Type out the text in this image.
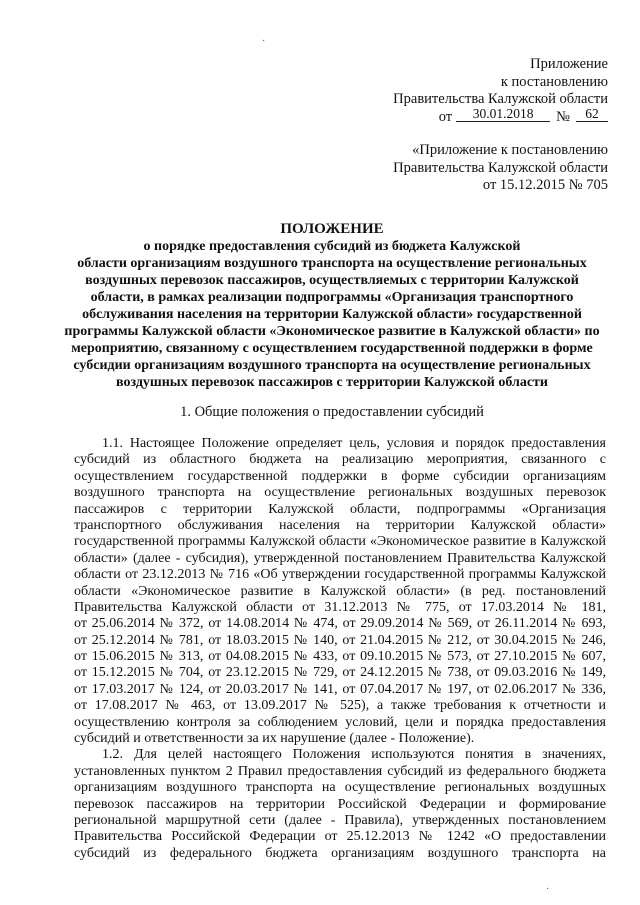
·
Приложение
к постановлению
Правительства Калужской области
от 30.01.2018 № 62
«Приложение к постановлению
Правительства Калужской области
от 15.12.2015 № 705
ПОЛОЖЕНИЕ
о порядке предоставления субсидий из бюджета Калужской
области организациям воздушного транспорта на осуществление региональных
воздушных перевозок пассажиров, осуществляемых с территории Калужской
области, в рамках реализации подпрограммы «Организация транспортного
обслуживания населения на территории Калужской области» государственной
программы Калужской области «Экономическое развитие в Калужской области» по
мероприятию, связанному с осуществлением государственной поддержки в форме
субсидии организациям воздушного транспорта на осуществление региональных
воздушных перевозок пассажиров с территории Калужской области
1. Общие положения о предоставлении субсидий
1.1. Настоящее Положение определяет цель, условия и порядок предоставления
субсидий из областного бюджета на реализацию мероприятия, связанного с
осуществлением государственной поддержки в форме субсидии организациям
воздушного транспорта на осуществление региональных воздушных перевозок
пассажиров с территории Калужской области, подпрограммы «Организация
транспортного обслуживания населения на территории Калужской области»
государственной программы Калужской области «Экономическое развитие в Калужской
области» (далее - субсидия), утвержденной постановлением Правительства Калужской
области от 23.12.2013 № 716 «Об утверждении государственной программы Калужской
области «Экономическое развитие в Калужской области» (в ред. постановлений
Правительства Калужской области от 31.12.2013 № 775, от 17.03.2014 № 181,
от 25.06.2014 № 372, от 14.08.2014 № 474, от 29.09.2014 № 569, от 26.11.2014 № 693,
от 25.12.2014 № 781, от 18.03.2015 № 140, от 21.04.2015 № 212, от 30.04.2015 № 246,
от 15.06.2015 № 313, от 04.08.2015 № 433, от 09.10.2015 № 573, от 27.10.2015 № 607,
от 15.12.2015 № 704, от 23.12.2015 № 729, от 24.12.2015 № 738, от 09.03.2016 № 149,
от 17.03.2017 № 124, от 20.03.2017 № 141, от 07.04.2017 № 197, от 02.06.2017 № 336,
от 17.08.2017 № 463, от 13.09.2017 № 525), а также требования к отчетности и
осуществлению контроля за соблюдением условий, цели и порядка предоставления
субсидий и ответственности за их нарушение (далее - Положение).
1.2. Для целей настоящего Положения используются понятия в значениях,
установленных пунктом 2 Правил предоставления субсидий из федерального бюджета
организациям воздушного транспорта на осуществление региональных воздушных
перевозок пассажиров на территории Российской Федерации и формирование
региональной маршрутной сети (далее - Правила), утвержденных постановлением
Правительства Российской Федерации от 25.12.2013 № 1242 «О предоставлении
субсидий из федерального бюджета организациям воздушного транспорта на
·
